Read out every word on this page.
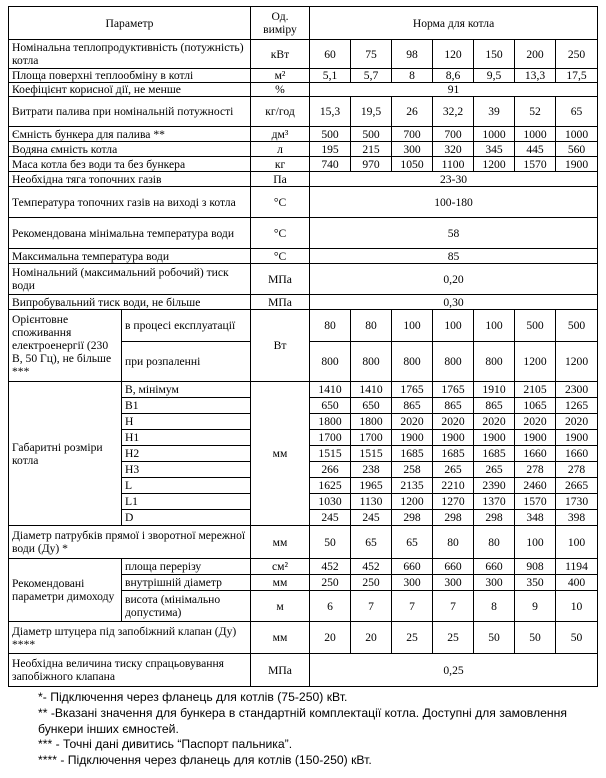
Параметр		Од. виміру	Норма для котла						
Номінальна теплопродуктивність (потужність) котла		кВт	60	75	98	120	150	200	250
Площа поверхні теплообміну в котлі		м²	5,1	5,7	8	8,6	9,5	13,3	17,5
Коефіцієнт корисної дії, не менше		%	91						
Витрати палива при номінальній потужності		кг/год	15,3	19,5	26	32,2	39	52	65
Ємність бункера для палива **		дм³	500	500	700	700	1000	1000	1000
Водяна ємність котла		л	195	215	300	320	345	445	560
Маса котла без води та без бункера		кг	740	970	1050	1100	1200	1570	1900
Необхідна тяга топочних газів		Па	23-30						
Температура топочних газів на виході з котла		°С	100-180						
Рекомендована мінімальна температура води		°С	58						
Максимальна температура води		°С	85						
Номінальний (максимальний робочий) тиск води		МПа	0,20						
Випробувальний тиск води, не більше		МПа	0,30						
Орієнтовне споживання електроенергії (230 В, 50 Гц), не більше ***	в процесі експлуатації	Вт	80	80	100	100	100	500	500
	при розпаленні		800	800	800	800	800	1200	1200
Габаритні розміри котла	В, мінімум	мм	1410	1410	1765	1765	1910	2105	2300
	B1		650	650	865	865	865	1065	1265
	H		1800	1800	2020	2020	2020	2020	2020
	H1		1700	1700	1900	1900	1900	1900	1900
	H2		1515	1515	1685	1685	1685	1660	1660
	H3		266	238	258	265	265	278	278
	L		1625	1965	2135	2210	2390	2460	2665
	L1		1030	1130	1200	1270	1370	1570	1730
	D		245	245	298	298	298	348	398
Діаметр патрубків прямої і зворотної мережної води (Ду) *		мм	50	65	65	80	80	100	100
Рекомендовані параметри димоходу	площа перерізу	см²	452	452	660	660	660	908	1194
	внутрішній діаметр	мм	250	250	300	300	300	350	400
	висота (мінімально допустима)	м	6	7	7	7	8	9	10
Діаметр штуцера під запобіжний клапан (Ду) ****		мм	20	20	25	25	50	50	50
Необхідна величина тиску спрацьовування запобіжного клапана		МПа	0,25						
*- Підключення через фланець для котлів (75-250) кВт.
** -Вказані значення для бункера в стандартній комплектації котла. Доступні для замовлення бункери інших ємностей.
*** - Точні дані дивитись “Паспорт пальника”.
**** - Підключення через фланець для котлів (150-250) кВт.
